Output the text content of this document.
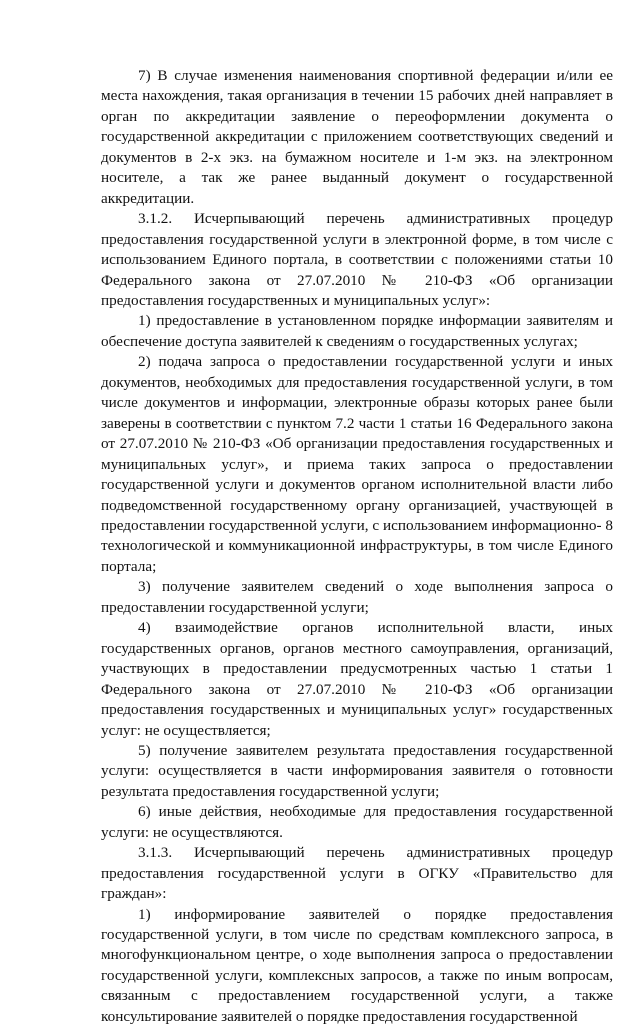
7) В случае изменения наименования спортивной федерации и/или ее места нахождения, такая организация в течении 15 рабочих дней направляет в орган по аккредитации заявление о переоформлении документа о государственной аккредитации с приложением соответствующих сведений и документов в 2-х экз. на бумажном носителе и 1-м экз. на электронном носителе, а так же ранее выданный документ о государственной аккредитации.

3.1.2. Исчерпывающий перечень административных процедур предоставления государственной услуги в электронной форме, в том числе с использованием Единого портала, в соответствии с положениями статьи 10 Федерального закона от 27.07.2010 № 210-ФЗ «Об организации предоставления государственных и муниципальных услуг»:

1) предоставление в установленном порядке информации заявителям и обеспечение доступа заявителей к сведениям о государственных услугах;

2) подача запроса о предоставлении государственной услуги и иных документов, необходимых для предоставления государственной услуги, в том числе документов и информации, электронные образы которых ранее были заверены в соответствии с пунктом 7.2 части 1 статьи 16 Федерального закона от 27.07.2010 № 210-ФЗ «Об организации предоставления государственных и муниципальных услуг», и приема таких запроса о предоставлении государственной услуги и документов органом исполнительной власти либо подведомственной государственному органу организацией, участвующей в предоставлении государственной услуги, с использованием информационно- 8 технологической и коммуникационной инфраструктуры, в том числе Единого портала;

3) получение заявителем сведений о ходе выполнения запроса о предоставлении государственной услуги;

4) взаимодействие органов исполнительной власти, иных государственных органов, органов местного самоуправления, организаций, участвующих в предоставлении предусмотренных частью 1 статьи 1 Федерального закона от 27.07.2010 № 210-ФЗ «Об организации предоставления государственных и муниципальных услуг» государственных услуг: не осуществляется;

5) получение заявителем результата предоставления государственной услуги: осуществляется в части информирования заявителя о готовности результата предоставления государственной услуги;

6) иные действия, необходимые для предоставления государственной услуги: не осуществляются.

3.1.3. Исчерпывающий перечень административных процедур предоставления государственной услуги в ОГКУ «Правительство для граждан»:

1) информирование заявителей о порядке предоставления государственной услуги, в том числе по средствам комплексного запроса, в многофункциональном центре, о ходе выполнения запроса о предоставлении государственной услуги, комплексных запросов, а также по иным вопросам, связанным с предоставлением государственной услуги, а также консультирование заявителей о порядке предоставления государственной
